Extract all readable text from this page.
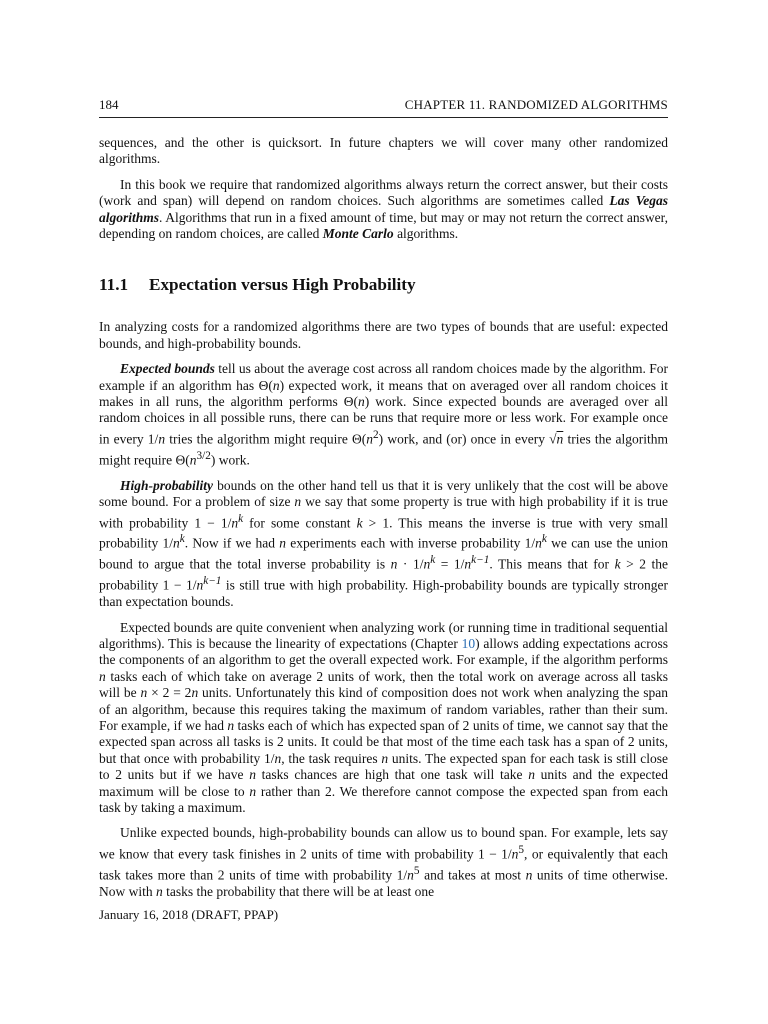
184	CHAPTER 11. RANDOMIZED ALGORITHMS

sequences, and the other is quicksort. In future chapters we will cover many other randomized algorithms.

In this book we require that randomized algorithms always return the correct answer, but their costs (work and span) will depend on random choices. Such algorithms are sometimes called Las Vegas algorithms. Algorithms that run in a fixed amount of time, but may or may not return the correct answer, depending on random choices, are called Monte Carlo algorithms.

11.1 Expectation versus High Probability

In analyzing costs for a randomized algorithms there are two types of bounds that are useful: expected bounds, and high-probability bounds.

Expected bounds tell us about the average cost across all random choices made by the algorithm. For example if an algorithm has Θ(n) expected work, it means that on averaged over all random choices it makes in all runs, the algorithm performs Θ(n) work. Since expected bounds are averaged over all random choices in all possible runs, there can be runs that require more or less work. For example once in every 1/n tries the algorithm might require $\Theta(n^2)$ work, and (or) once in every √n tries the algorithm might require $\Theta(n^{3/2})$ work.

High-probability bounds on the other hand tell us that it is very unlikely that the cost will be above some bound. For a problem of size n we say that some property is true with high probability if it is true with probability $1 - 1/n^k$ for some constant k > 1. This means the inverse is true with very small probability $1/n^k$. Now if we had n experiments each with inverse probability $1/n^k$ we can use the union bound to argue that the total inverse probability is $n \cdot 1/n^k = 1/n^{k-1}$. This means that for k > 2 the probability $1 - 1/n^{k-1}$ is still true with high probability. High-probability bounds are typically stronger than expectation bounds.

Expected bounds are quite convenient when analyzing work (or running time in traditional sequential algorithms). This is because the linearity of expectations (Chapter 10) allows adding expectations across the components of an algorithm to get the overall expected work. For example, if the algorithm performs n tasks each of which take on average 2 units of work, then the total work on average across all tasks will be n × 2 = 2n units. Unfortunately this kind of composition does not work when analyzing the span of an algorithm, because this requires taking the maximum of random variables, rather than their sum. For example, if we had n tasks each of which has expected span of 2 units of time, we cannot say that the expected span across all tasks is 2 units. It could be that most of the time each task has a span of 2 units, but that once with probability 1/n, the task requires n units. The expected span for each task is still close to 2 units but if we have n tasks chances are high that one task will take n units and the expected maximum will be close to n rather than 2. We therefore cannot compose the expected span from each task by taking a maximum.

Unlike expected bounds, high-probability bounds can allow us to bound span. For example, lets say we know that every task finishes in 2 units of time with probability $1 - 1/n^5$, or equivalently that each task takes more than 2 units of time with probability $1/n^5$ and takes at most n units of time otherwise. Now with n tasks the probability that there will be at least one

January 16, 2018 (DRAFT, PPAP)
